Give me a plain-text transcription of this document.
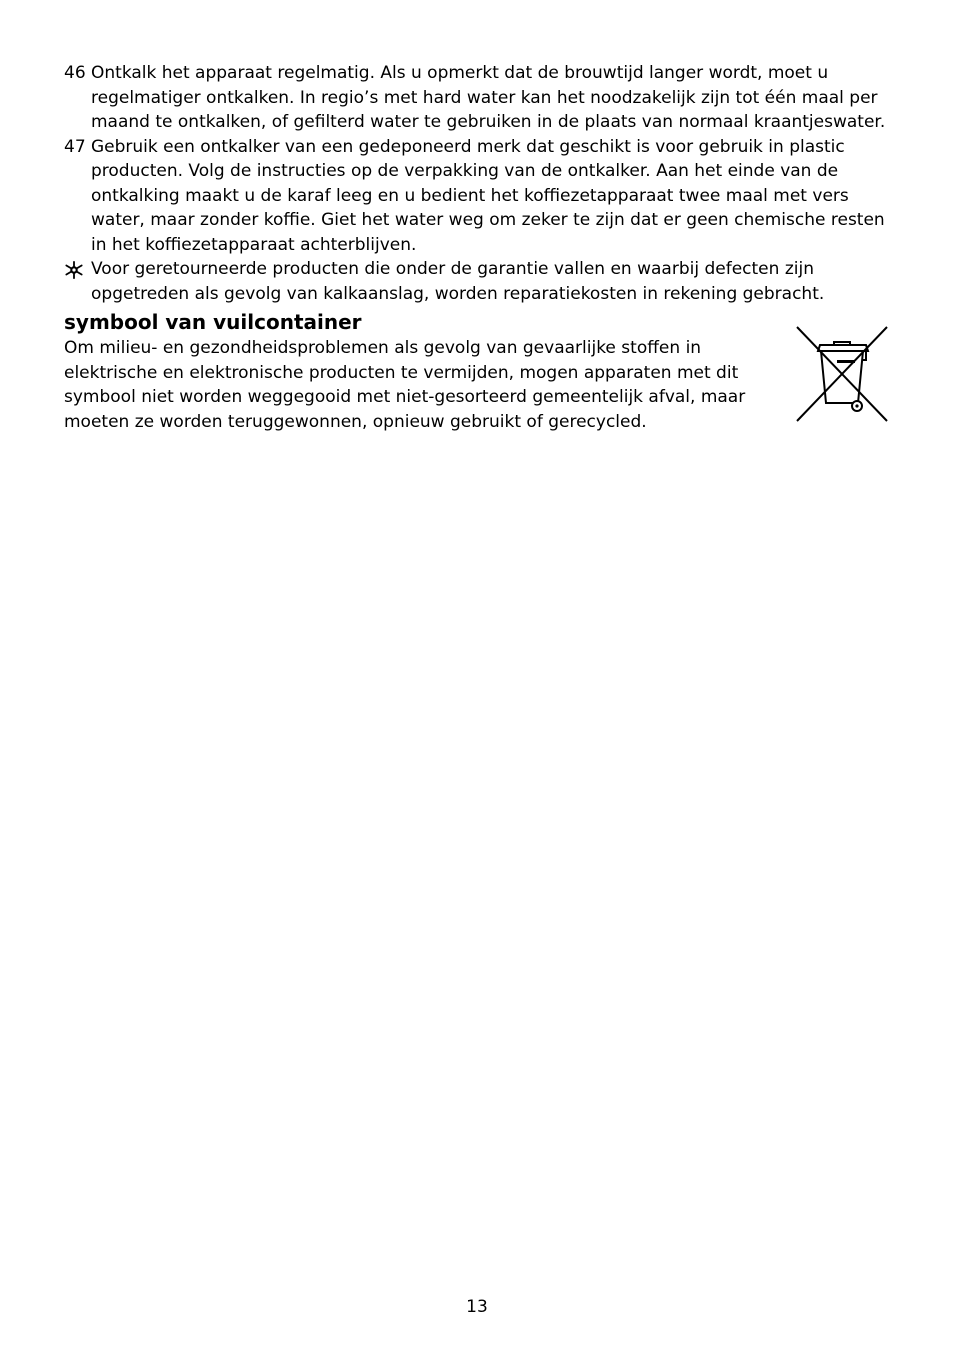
46 Ontkalk het apparaat regelmatig. Als u opmerkt dat de brouwtijd langer wordt, moet u
regelmatiger ontkalken. In regio’s met hard water kan het noodzakelijk zijn tot één maal per
maand te ontkalken, of gefilterd water te gebruiken in de plaats van normaal kraantjeswater.
47 Gebruik een ontkalker van een gedeponeerd merk dat geschikt is voor gebruik in plastic
producten. Volg de instructies op de verpakking van de ontkalker. Aan het einde van de
ontkalking maakt u de karaf leeg en u bedient het koffiezetapparaat twee maal met vers
water, maar zonder koffie. Giet het water weg om zeker te zijn dat er geen chemische resten
in het koffiezetapparaat achterblijven.
Voor geretourneerde producten die onder de garantie vallen en waarbij defecten zijn
opgetreden als gevolg van kalkaanslag, worden reparatiekosten in rekening gebracht.
symbool van vuilcontainer

Om milieu- en gezondheidsproblemen als gevolg van gevaarlijke stoffen in
elektrische en elektronische producten te vermijden, mogen apparaten met dit
symbool niet worden weggegooid met niet-gesorteerd gemeentelijk afval, maar
moeten ze worden teruggewonnen, opnieuw gebruikt of gerecycled.

13
